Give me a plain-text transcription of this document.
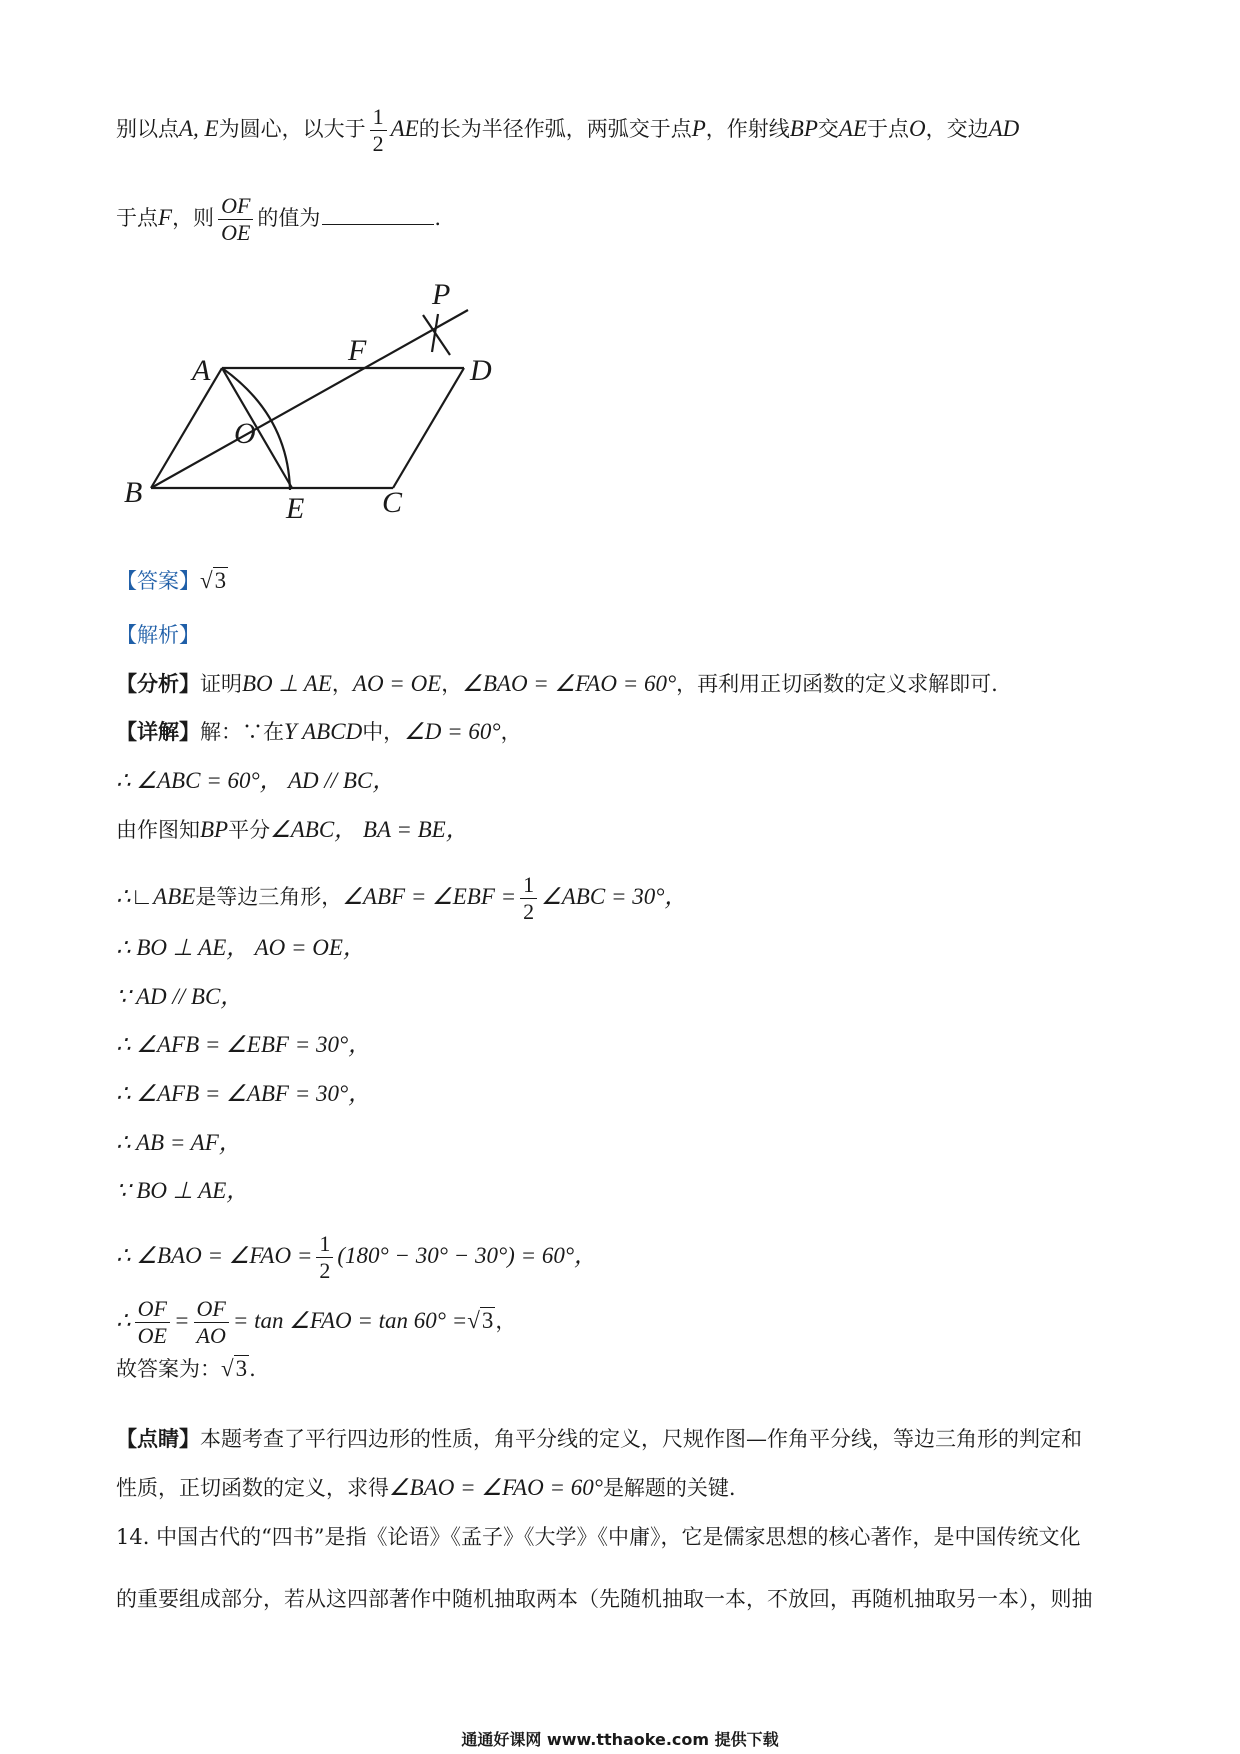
别以点A, E为圆心，以大于 $\frac{1}{2}$ AE的长为半径作弧，两弧交于点P，作射线BP交AE于点O，交边AD
于点F，则 $\frac{OF}{OE}$ 的值为	.
P
A
F
D
O
B	E	C
【答案】√3
【解析】
【分析】证明BO ⊥ AE，AO = OE，∠BAO = ∠FAO = 60°，再利用正切函数的定义求解即可.
【详解】解：∵在Y ABCD中，∠D = 60°，
∴ ∠ABC = 60°， AD // BC，
由作图知BP平分∠ABC， BA = BE，
∴∟ABE是等边三角形，∠ABF = ∠EBF = $\frac{1}{2}$ ∠ABC = 30°，
∴ BO ⊥ AE， AO = OE，
∵ AD // BC，
∴ ∠AFB = ∠EBF = 30°，
∴ ∠AFB = ∠ABF = 30°，
∴ AB = AF，
∵ BO ⊥ AE，
∴ ∠BAO = ∠FAO = $\frac{1}{2} (180^\circ - 30^\circ - 30^\circ) = 60^\circ$，
∴ $\frac{OF}{OE} = \frac{OF}{AO} = \tan$ ∠FAO = tan 60° =√3，
故答案为：√3.
【点睛】本题考查了平行四边形的性质，角平分线的定义，尺规作图—作角平分线，等边三角形的判定和
性质，正切函数的定义，求得∠BAO = ∠FAO = 60°是解题的关键.
14. 中国古代的“四书”是指《论语》《孟子》《大学》《中庸》，它是儒家思想的核心著作，是中国传统文化
的重要组成部分，若从这四部著作中随机抽取两本（先随机抽取一本，不放回，再随机抽取另一本），则抽
通通好课网 www.tthaoke.com 提供下载
